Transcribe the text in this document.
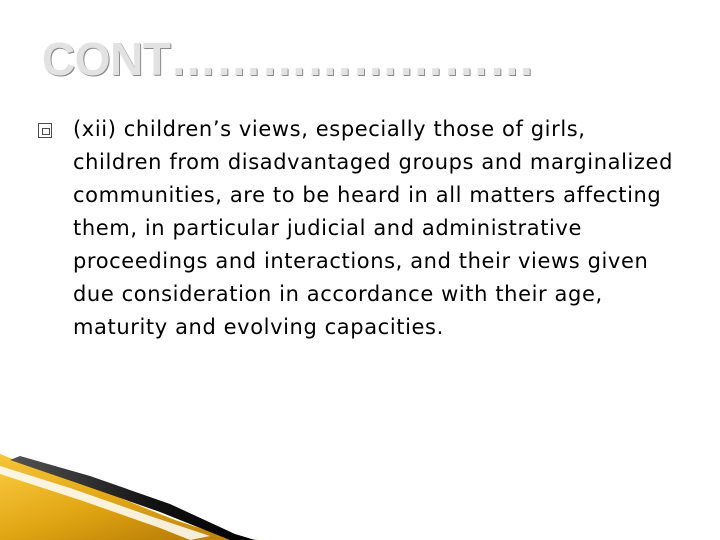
CONT……………………
(xii) children’s views, especially those of girls, children from disadvantaged groups and marginalized communities, are to be heard in all matters affecting them, in particular judicial and administrative proceedings and interactions, and their views given due consideration in accordance with their age, maturity and evolving capacities.
